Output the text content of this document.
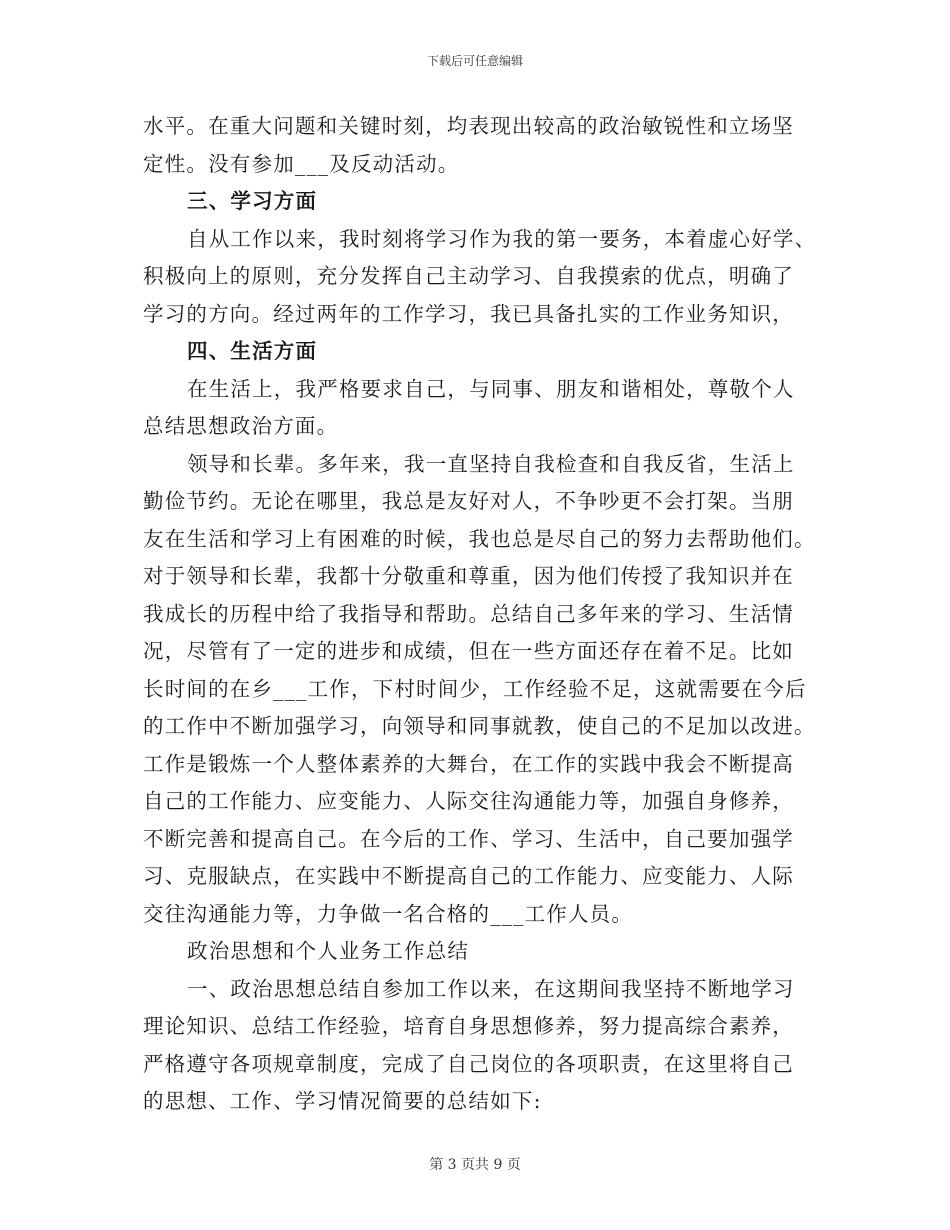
下载后可任意编辑
水平。在重大问题和关键时刻，均表现出较高的政治敏锐性和立场坚
定性。没有参加___及反动活动。
三、学习方面
自从工作以来，我时刻将学习作为我的第一要务，本着虚心好学、
积极向上的原则，充分发挥自己主动学习、自我摸索的优点，明确了
学习的方向。经过两年的工作学习，我已具备扎实的工作业务知识，
四、生活方面
在生活上，我严格要求自己，与同事、朋友和谐相处，尊敬个人
总结思想政治方面。
领导和长辈。多年来，我一直坚持自我检查和自我反省，生活上
勤俭节约。无论在哪里，我总是友好对人，不争吵更不会打架。当朋
友在生活和学习上有困难的时候，我也总是尽自己的努力去帮助他们。
对于领导和长辈，我都十分敬重和尊重，因为他们传授了我知识并在
我成长的历程中给了我指导和帮助。总结自己多年来的学习、生活情
况，尽管有了一定的进步和成绩，但在一些方面还存在着不足。比如
长时间的在乡___工作，下村时间少，工作经验不足，这就需要在今后
的工作中不断加强学习，向领导和同事就教，使自己的不足加以改进。
工作是锻炼一个人整体素养的大舞台，在工作的实践中我会不断提高
自己的工作能力、应变能力、人际交往沟通能力等，加强自身修养，
不断完善和提高自己。在今后的工作、学习、生活中，自己要加强学
习、克服缺点，在实践中不断提高自己的工作能力、应变能力、人际
交往沟通能力等，力争做一名合格的___工作人员。
政治思想和个人业务工作总结
一、政治思想总结自参加工作以来，在这期间我坚持不断地学习
理论知识、总结工作经验，培育自身思想修养，努力提高综合素养，
严格遵守各项规章制度，完成了自己岗位的各项职责，在这里将自己
的思想、工作、学习情况简要的总结如下:
第 3 页共 9 页
